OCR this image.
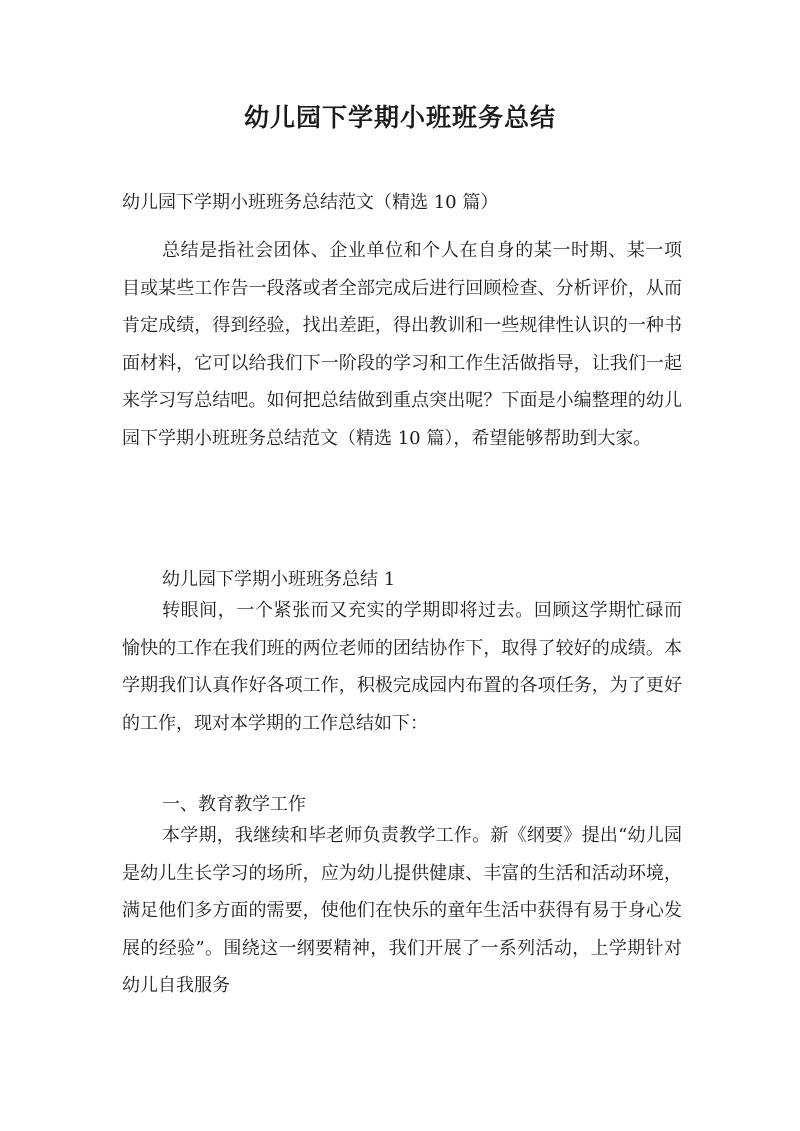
幼儿园下学期小班班务总结
幼儿园下学期小班班务总结范文（精选 10 篇）

总结是指社会团体、企业单位和个人在自身的某一时期、某一项目或某些工作告一段落或者全部完成后进行回顾检查、分析评价，从而肯定成绩，得到经验，找出差距，得出教训和一些规律性认识的一种书面材料，它可以给我们下一阶段的学习和工作生活做指导，让我们一起来学习写总结吧。如何把总结做到重点突出呢？下面是小编整理的幼儿园下学期小班班务总结范文（精选 10 篇），希望能够帮助到大家。

幼儿园下学期小班班务总结 1

转眼间，一个紧张而又充实的学期即将过去。回顾这学期忙碌而愉快的工作在我们班的两位老师的团结协作下，取得了较好的成绩。本学期我们认真作好各项工作，积极完成园内布置的各项任务，为了更好的工作，现对本学期的工作总结如下：

一、教育教学工作

本学期，我继续和毕老师负责教学工作。新《纲要》提出“幼儿园是幼儿生长学习的场所，应为幼儿提供健康、丰富的生活和活动环境，满足他们多方面的需要，使他们在快乐的童年生活中获得有易于身心发展的经验”。围绕这一纲要精神，我们开展了一系列活动，上学期针对幼儿自我服务
